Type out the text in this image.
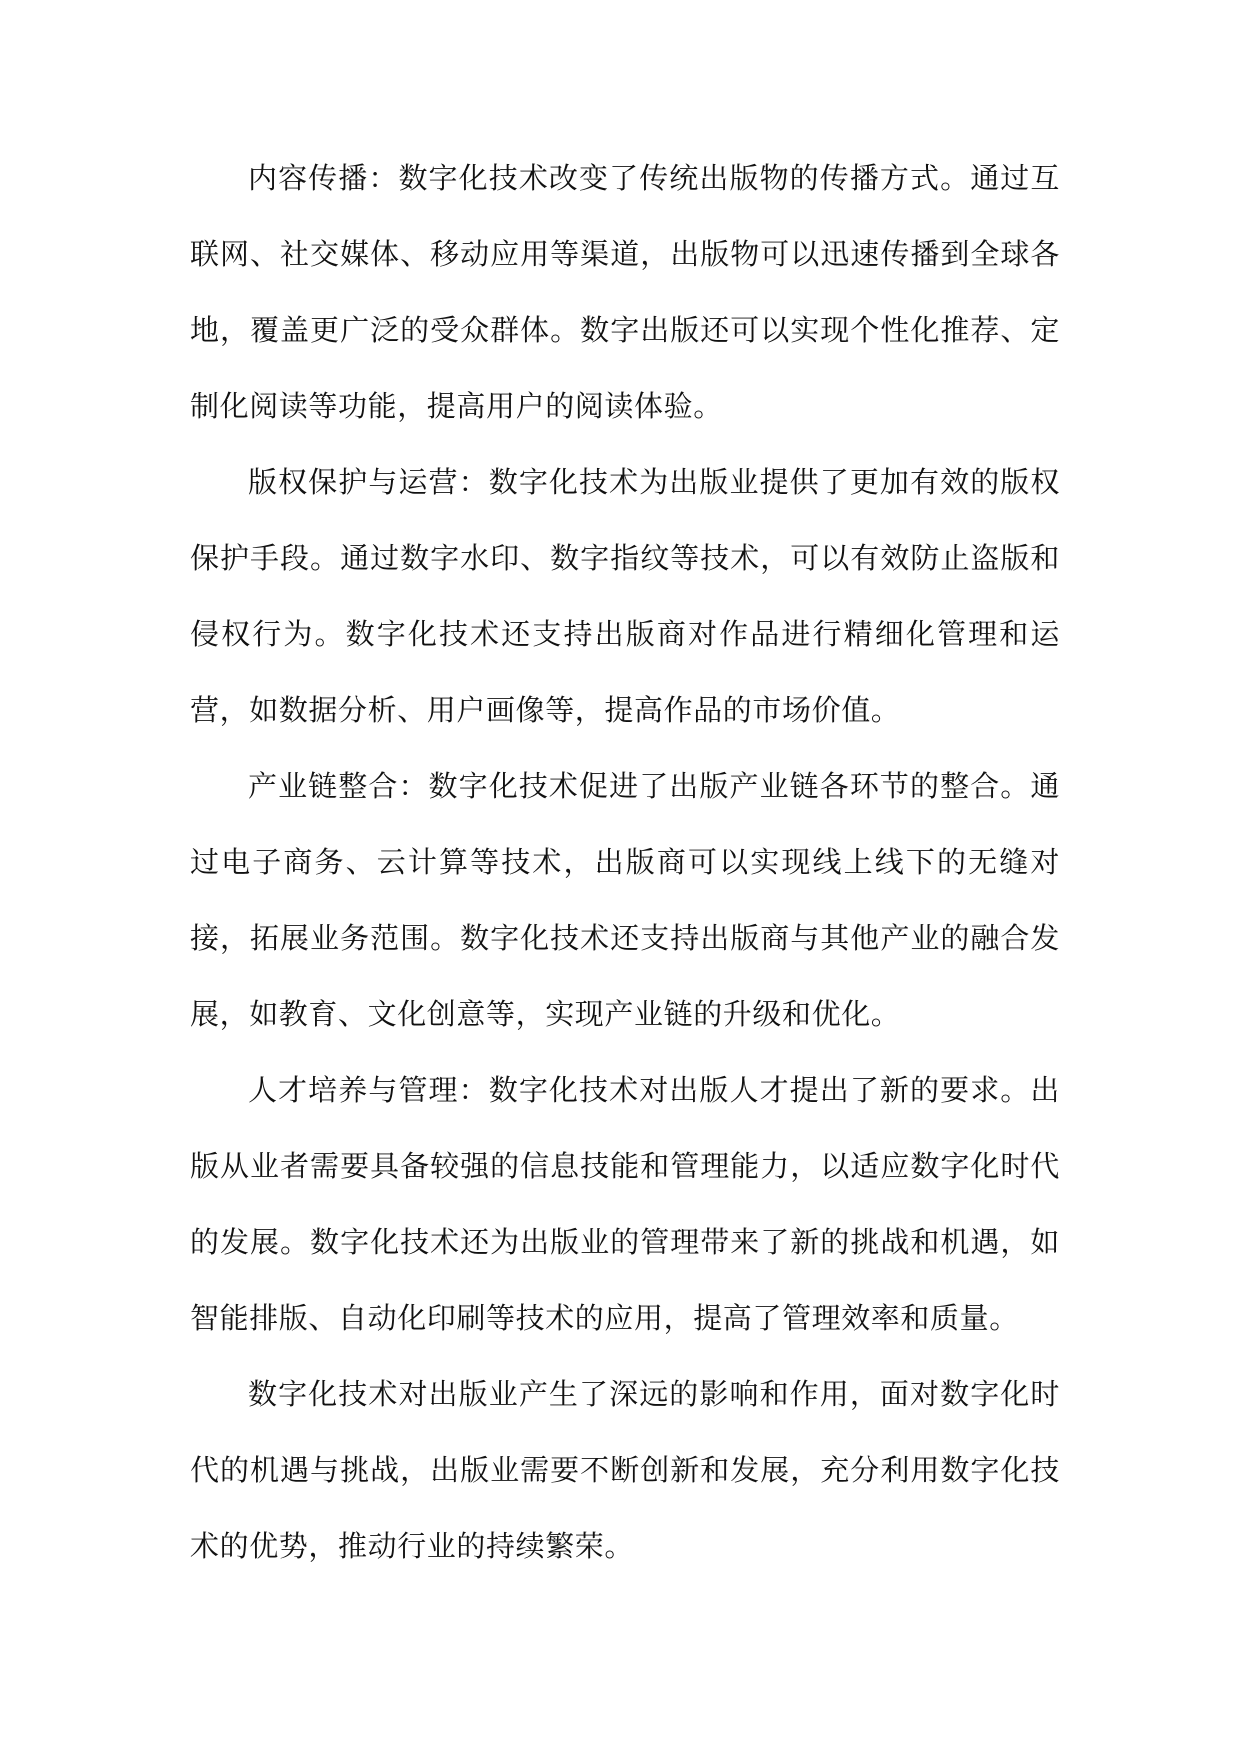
内容传播：数字化技术改变了传统出版物的传播方式。通过互联网、社交媒体、移动应用等渠道，出版物可以迅速传播到全球各地，覆盖更广泛的受众群体。数字出版还可以实现个性化推荐、定制化阅读等功能，提高用户的阅读体验。

版权保护与运营：数字化技术为出版业提供了更加有效的版权保护手段。通过数字水印、数字指纹等技术，可以有效防止盗版和侵权行为。数字化技术还支持出版商对作品进行精细化管理和运营，如数据分析、用户画像等，提高作品的市场价值。

产业链整合：数字化技术促进了出版产业链各环节的整合。通过电子商务、云计算等技术，出版商可以实现线上线下的无缝对接，拓展业务范围。数字化技术还支持出版商与其他产业的融合发展，如教育、文化创意等，实现产业链的升级和优化。

人才培养与管理：数字化技术对出版人才提出了新的要求。出版从业者需要具备较强的信息技能和管理能力，以适应数字化时代的发展。数字化技术还为出版业的管理带来了新的挑战和机遇，如智能排版、自动化印刷等技术的应用，提高了管理效率和质量。

数字化技术对出版业产生了深远的影响和作用，面对数字化时代的机遇与挑战，出版业需要不断创新和发展，充分利用数字化技术的优势，推动行业的持续繁荣。
